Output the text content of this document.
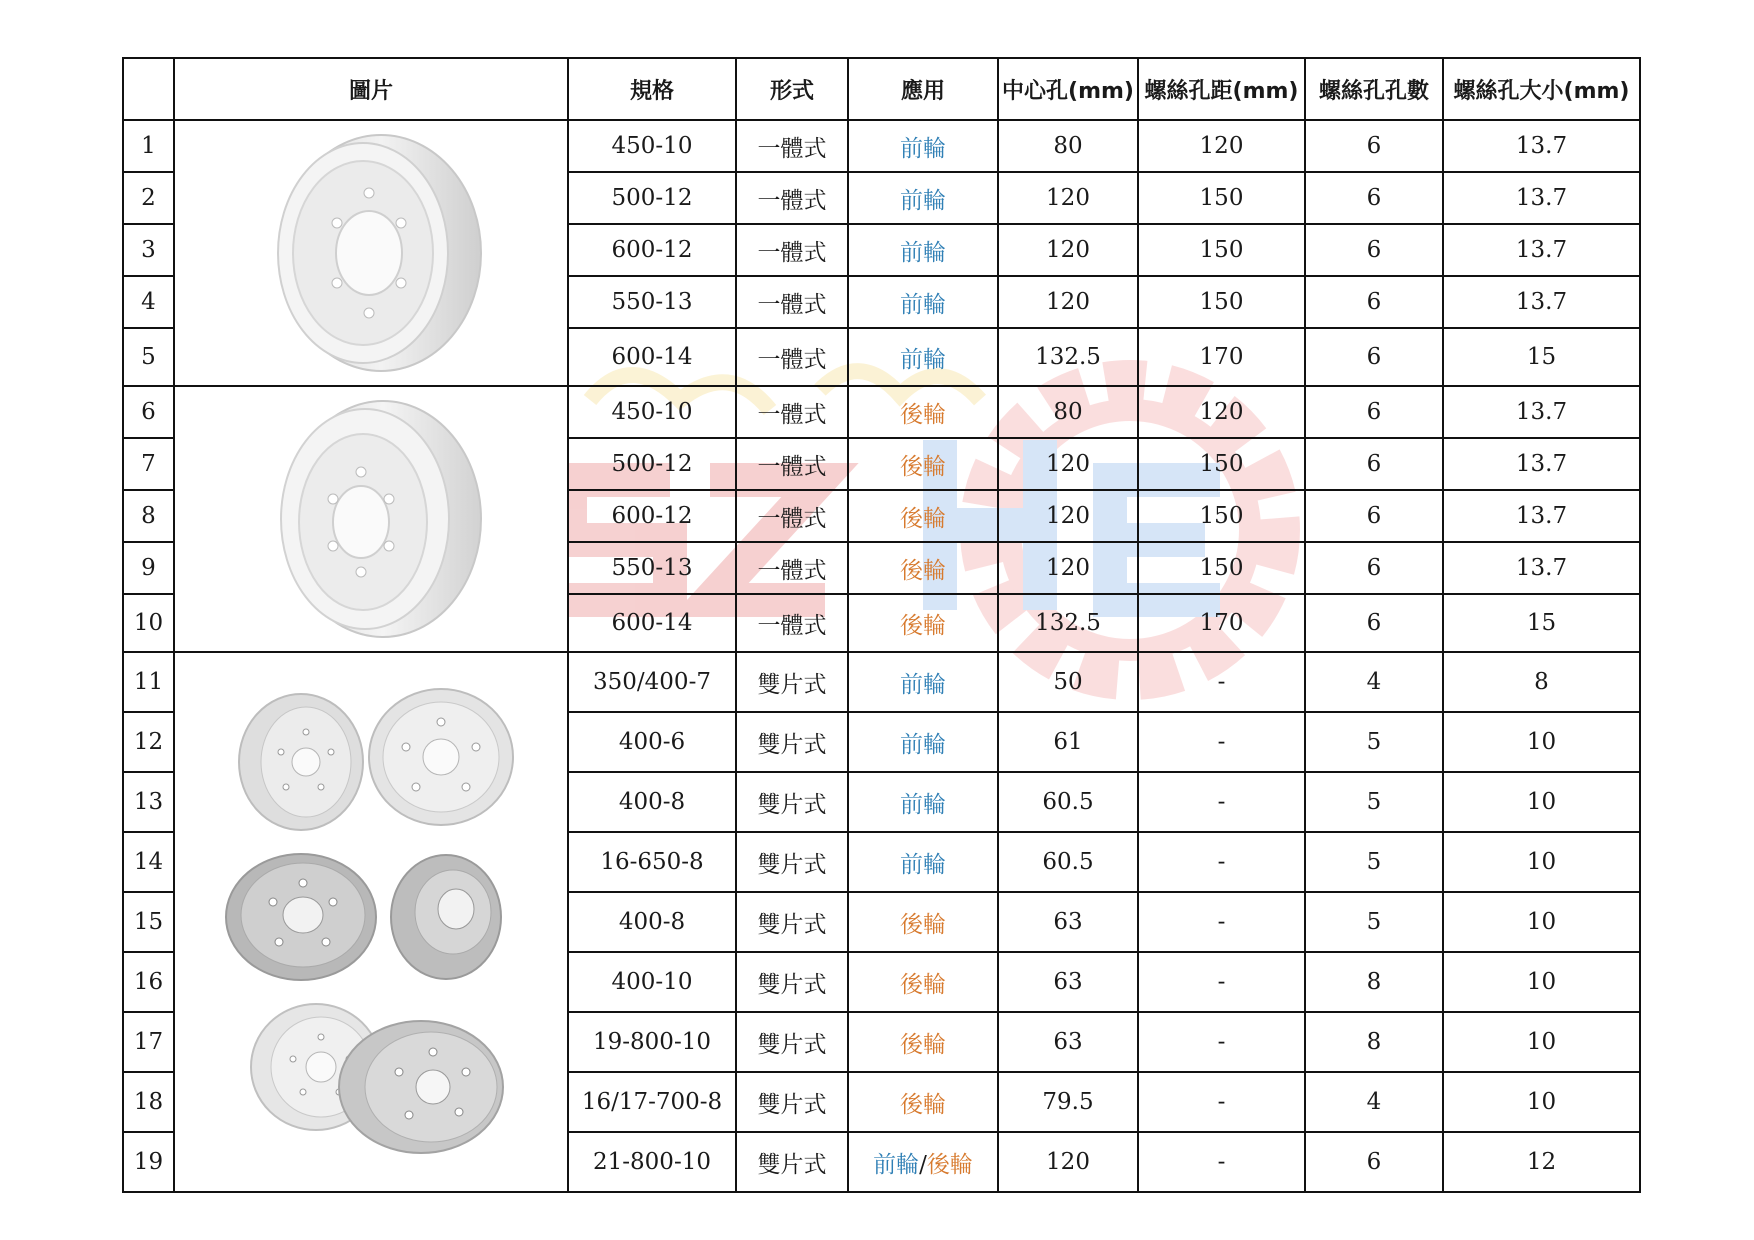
	圖片	規格	形式	應用	中心孔(mm)	螺絲孔距(mm)	螺絲孔孔數	螺絲孔大小(mm)
1		450-10	一體式	前輪	80	120	6	13.7
2		500-12	一體式	前輪	120	150	6	13.7
3		600-12	一體式	前輪	120	150	6	13.7
4		550-13	一體式	前輪	120	150	6	13.7
5		600-14	一體式	前輪	132.5	170	6	15
6		450-10	一體式	後輪	80	120	6	13.7
7		500-12	一體式	後輪	120	150	6	13.7
8		600-12	一體式	後輪	120	150	6	13.7
9		550-13	一體式	後輪	120	150	6	13.7
10		600-14	一體式	後輪	132.5	170	6	15
11		350/400-7	雙片式	前輪	50	-	4	8
12		400-6	雙片式	前輪	61	-	5	10
13		400-8	雙片式	前輪	60.5	-	5	10
14		16-650-8	雙片式	前輪	60.5	-	5	10
15		400-8	雙片式	後輪	63	-	5	10
16		400-10	雙片式	後輪	63	-	8	10
17		19-800-10	雙片式	後輪	63	-	8	10
18		16/17-700-8	雙片式	後輪	79.5	-	4	10
19		21-800-10	雙片式	前輪/後輪	120	-	6	12
